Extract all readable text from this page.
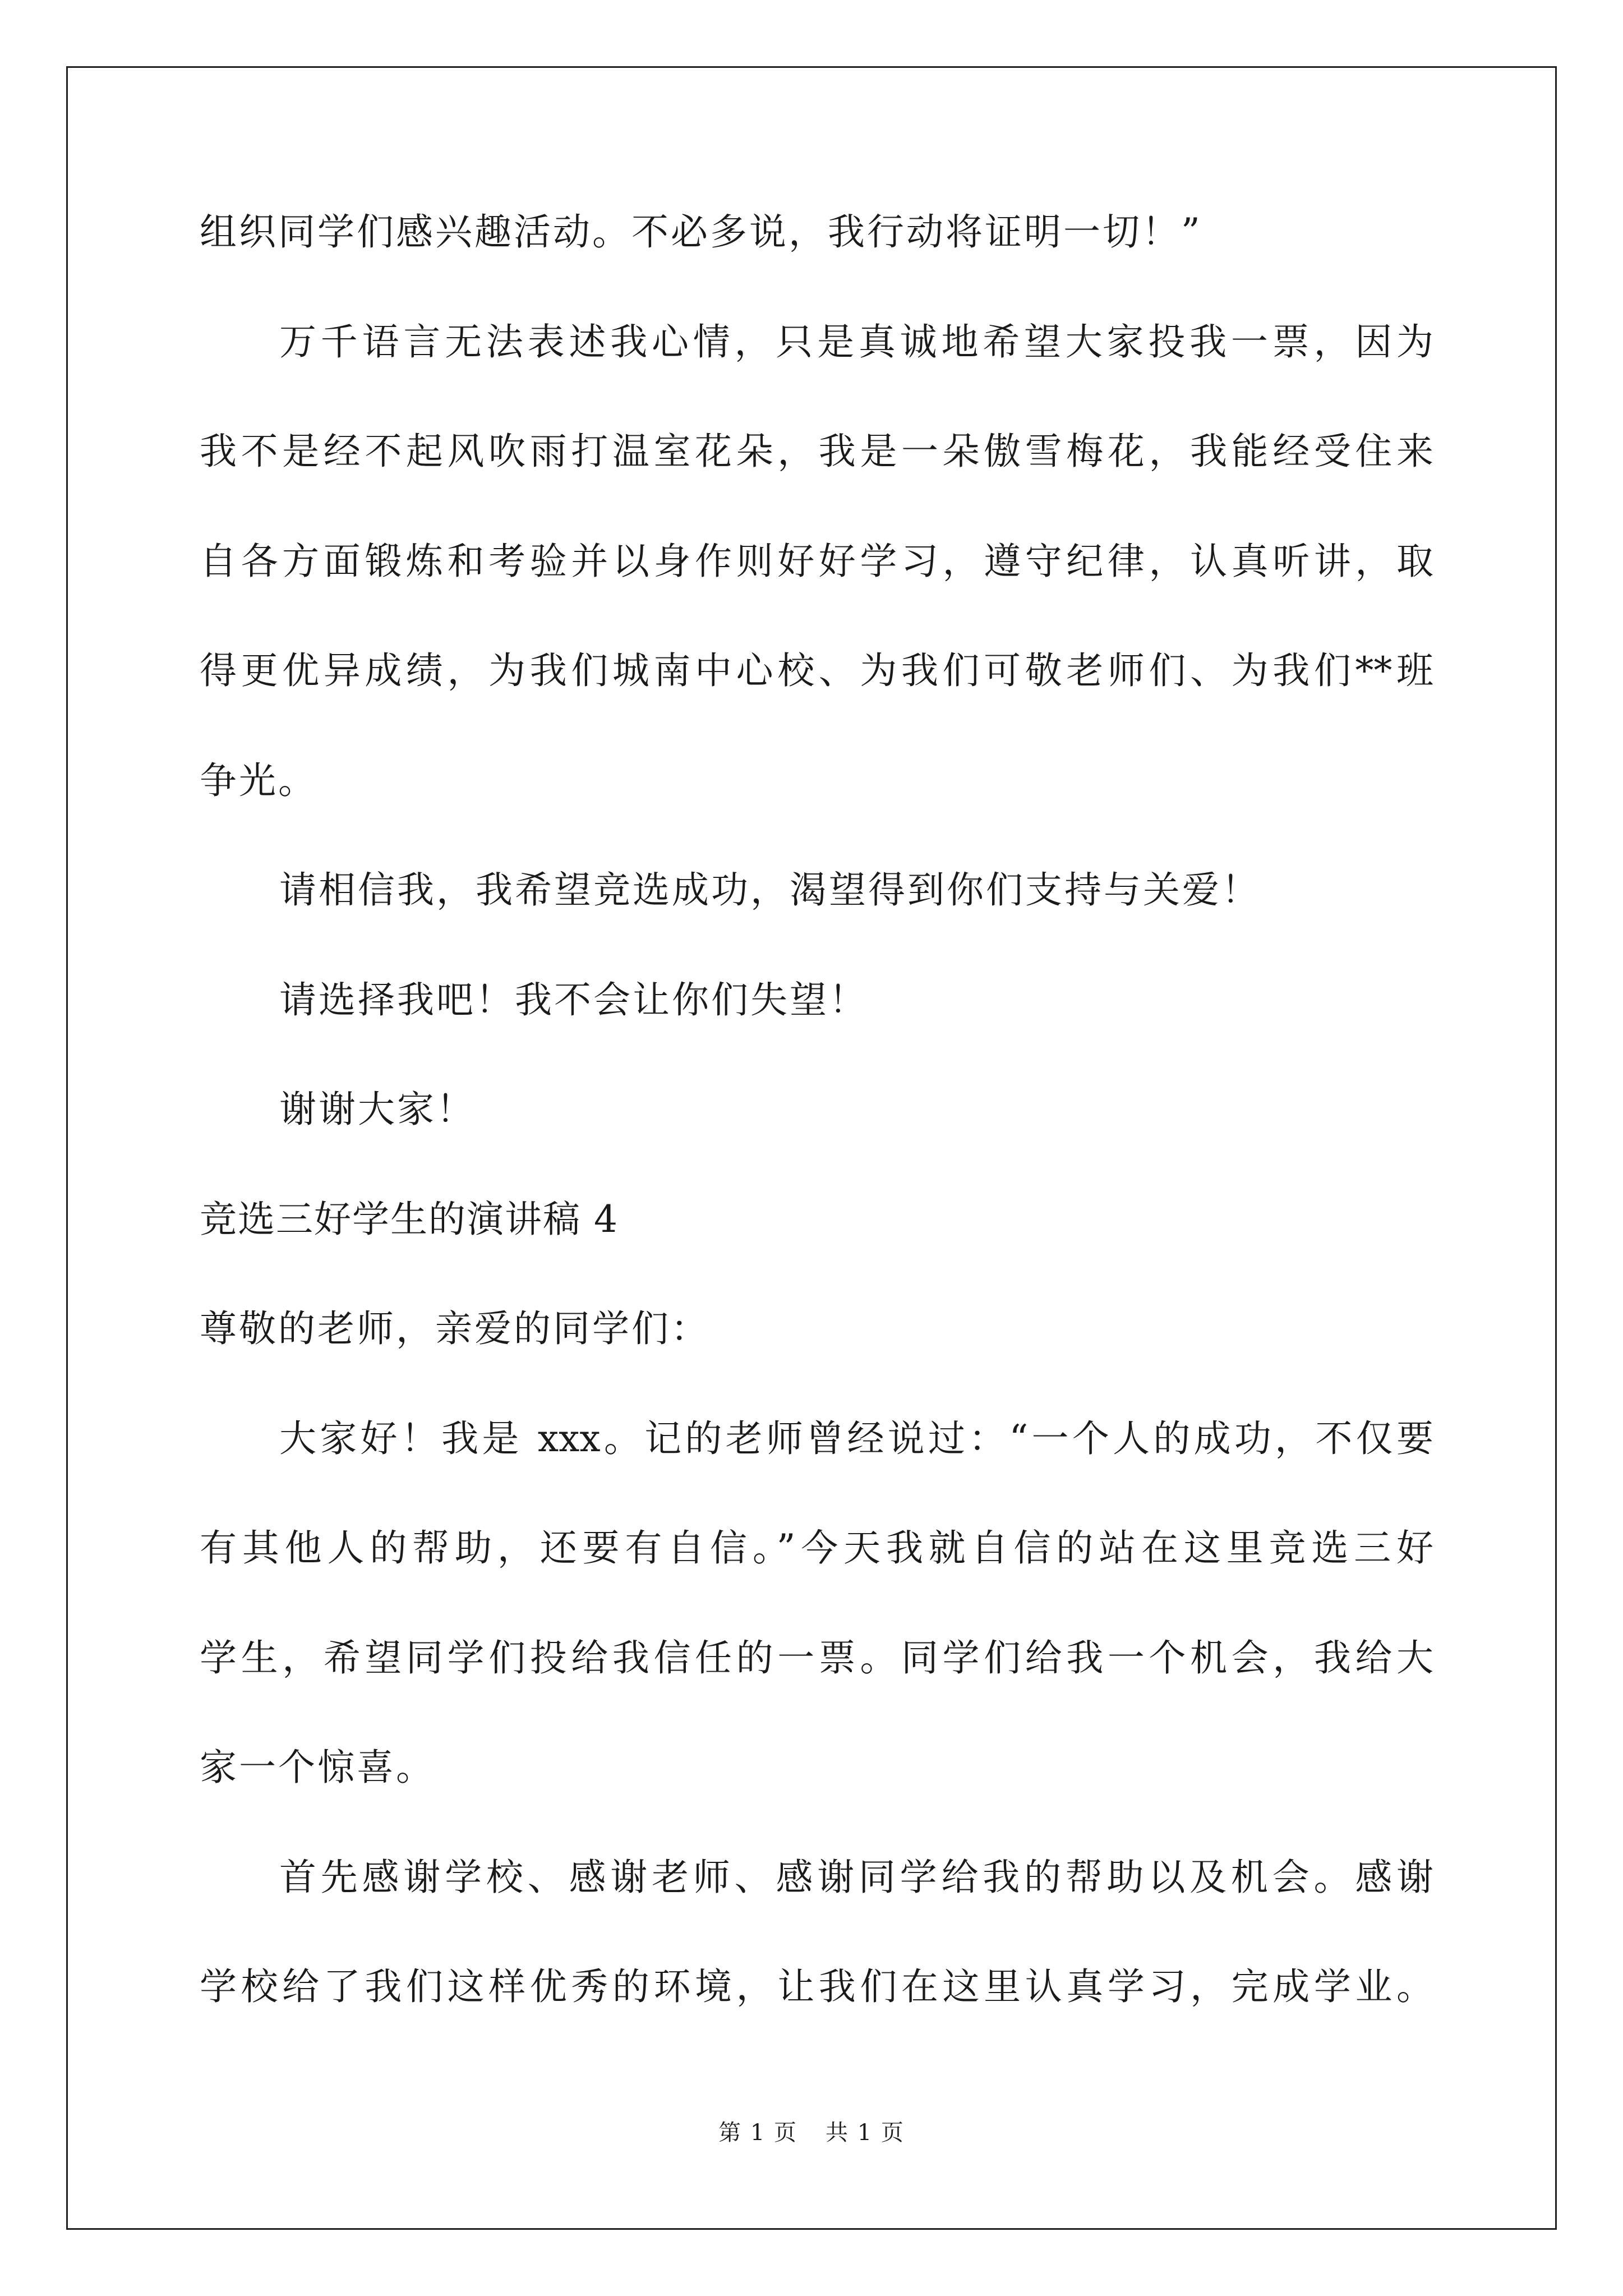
组织同学们感兴趣活动。不必多说，我行动将证明一切！”
万千语言无法表述我心情，只是真诚地希望大家投我一票，因为
我不是经不起风吹雨打温室花朵，我是一朵傲雪梅花，我能经受住来
自各方面锻炼和考验并以身作则好好学习，遵守纪律，认真听讲，取
得更优异成绩，为我们城南中心校、为我们可敬老师们、为我们**班
争光。
请相信我，我希望竞选成功，渴望得到你们支持与关爱！
请选择我吧！我不会让你们失望！
谢谢大家！
竞选三好学生的演讲稿 4
尊敬的老师，亲爱的同学们：
大家好！我是 xxx。记的老师曾经说过：“一个人的成功，不仅要
有其他人的帮助，还要有自信。”今天我就自信的站在这里竞选三好
学生，希望同学们投给我信任的一票。同学们给我一个机会，我给大
家一个惊喜。
首先感谢学校、感谢老师、感谢同学给我的帮助以及机会。感谢
学校给了我们这样优秀的环境，让我们在这里认真学习，完成学业。
第 1 页 共 1 页
